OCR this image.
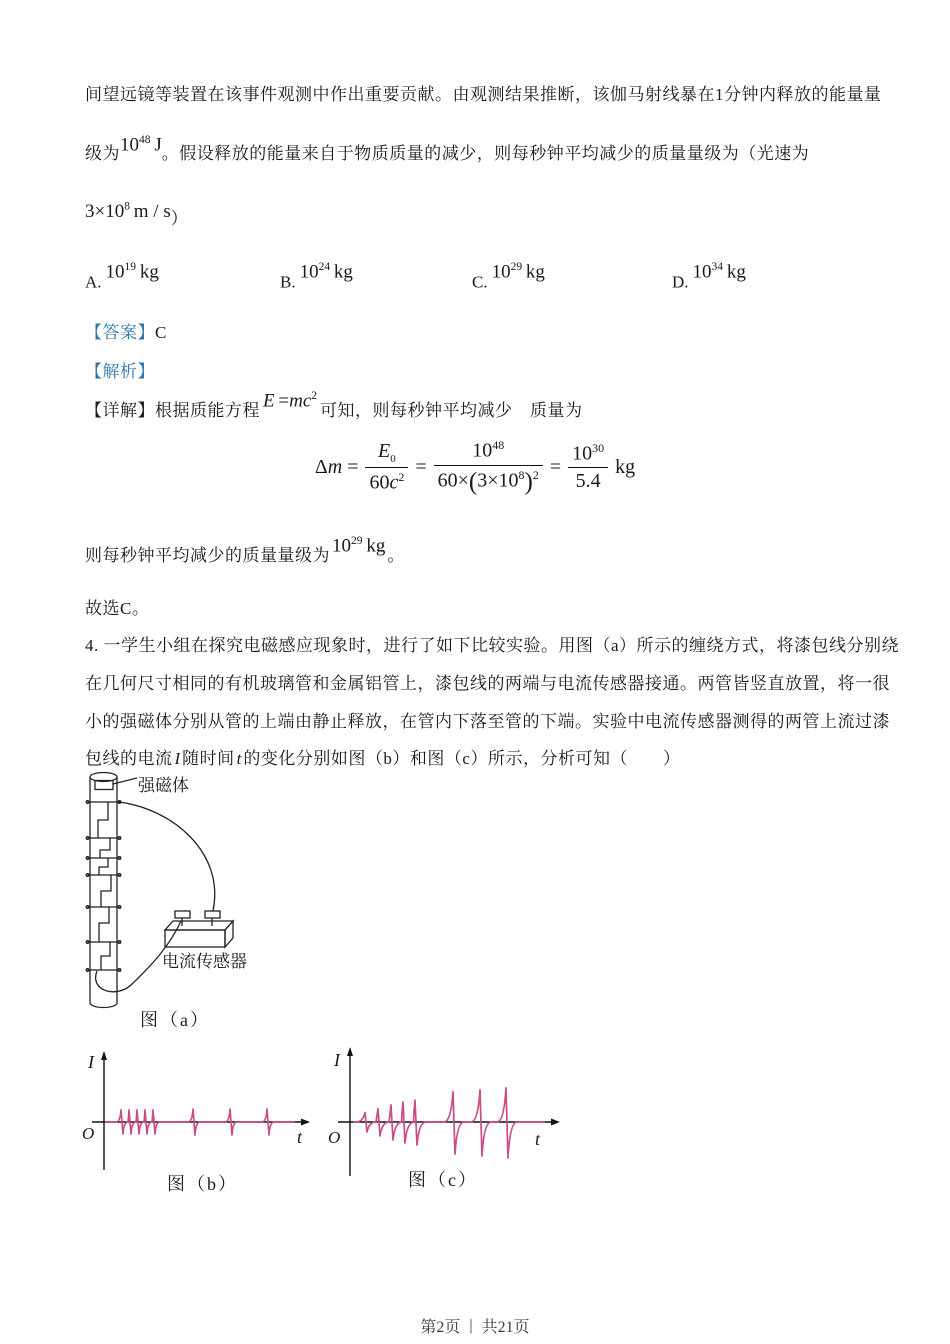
间望远镜等装置在该事件观测中作出重要贡献。由观测结果推断，该伽马射线暴在1分钟内释放的能量量
级为$10^{48}$  J。假设释放的能量来自于物质质量的减少，则每秒钟平均减少的质量量级为（光速为
$3\times 10^8$  m / s）
A. $10^{19}$  kg	B. $10^{24}$  kg	C. $10^{29}$  kg	D. $10^{34}$  kg
【答案】C
【解析】
【详解】根据质能方程 $E =mc^2$可知，则每秒钟平均减少　质量为
$\Delta m = \frac{E_0}{60c^2} = \frac{10^{48}}{60\times(3\times 10^8)^2} = \frac{10^{30}}{5.4}$ kg
则每秒钟平均减少的质量量级为 $10^{29}$  kg 。
故选C。
4. 一学生小组在探究电磁感应现象时，进行了如下比较实验。用图（a）所示的缠绕方式，将漆包线分别绕
在几何尺寸相同的有机玻璃管和金属铝管上，漆包线的两端与电流传感器接通。两管皆竖直放置，将一很
小的强磁体分别从管的上端由静止释放，在管内下落至管的下端。实验中电流传感器测得的两管上流过漆
包线的电流 I 随时间 t 的变化分别如图（b）和图（c）所示，分析可知（　　）
强磁体
电流传感器
图（a）
I
O	t
图（b）
I
O	t
图（c）
第2页 | 共21页
